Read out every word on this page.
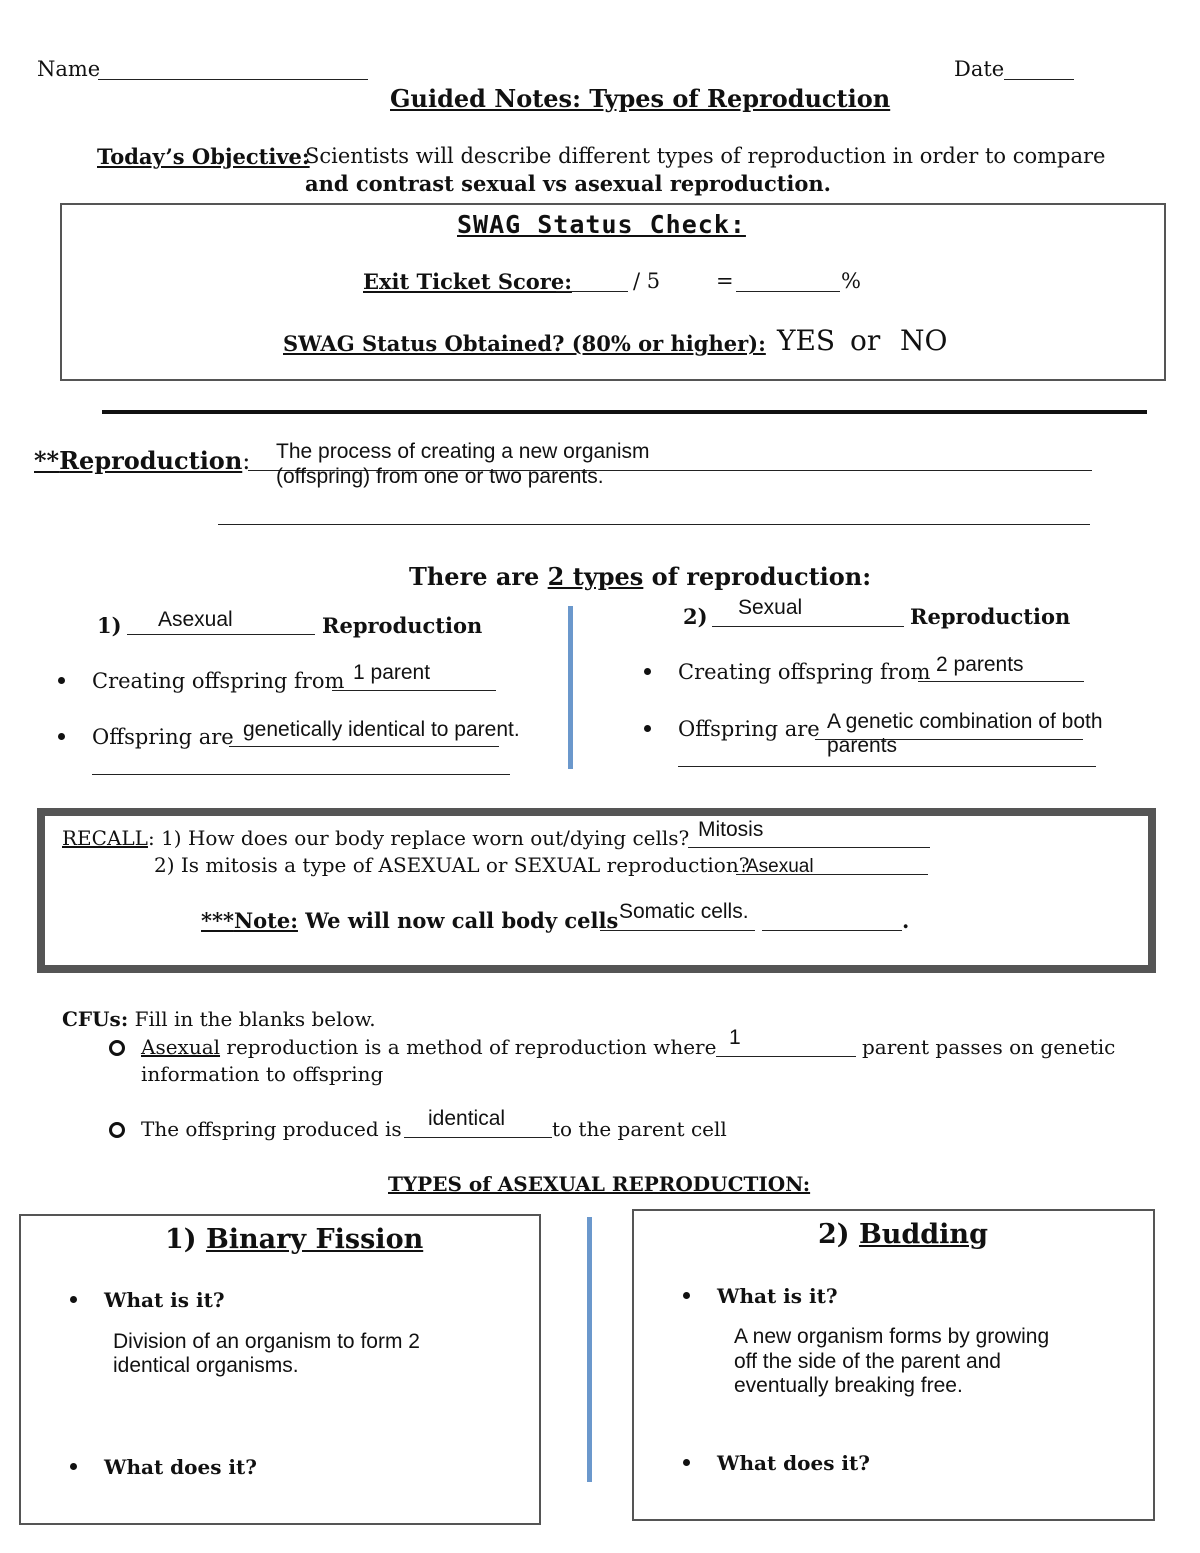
Name	Date
Guided Notes: Types of Reproduction
Today’s Objective:
Scientists will describe different types of reproduction in order to compare
and contrast sexual vs asexual reproduction.
SWAG Status Check:
Exit Ticket Score:	/ 5	=	%
SWAG Status Obtained? (80% or higher): YES or NO
**Reproduction: The process of creating a new organism
(offspring) from one or two parents.
There are 2 types of reproduction:
1) Asexual	Reproduction
Creating offspring from 1 parent
Offspring are genetically identical to parent.
2) Sexual	Reproduction
Creating offspring from 2 parents
Offspring are A genetic combination of both
parents
RECALL: 1) How does our body replace worn out/dying cells? Mitosis
2) Is mitosis a type of ASEXUAL or SEXUAL reproduction?
Asexual
***Note: We will now call body cells	.
Somatic cells.
CFUs: Fill in the blanks below.
Asexual reproduction is a method of reproduction where 1	parent passes on genetic
information to offspring
The offspring produced is identical to the parent cell
TYPES of ASEXUAL REPRODUCTION:
1) Binary Fission
What is it?
Division of an organism to form 2
identical organisms.
What does it?
2) Budding
What is it?
A new organism forms by growing
off the side of the parent and
eventually breaking free.
What does it?
